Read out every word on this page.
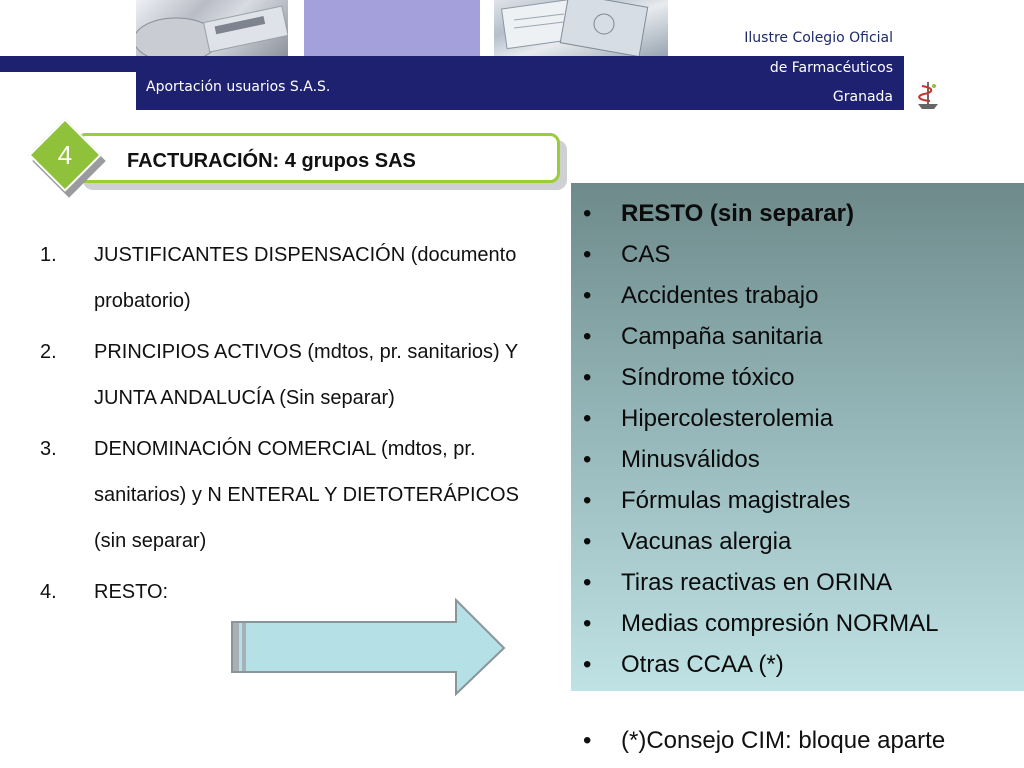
Ilustre Colegio Oficial
Aportación usuarios S.A.S.
de Farmacéuticos
Granada
FACTURACIÓN: 4 grupos SAS
4
1.	JUSTIFICANTES DISPENSACIÓN (documento probatorio)
2.	PRINCIPIOS ACTIVOS (mdtos, pr. sanitarios) Y JUNTA ANDALUCÍA (Sin separar)
3.	DENOMINACIÓN COMERCIAL (mdtos, pr. sanitarios) y N ENTERAL Y DIETOTERÁPICOS (sin separar)
4.	RESTO:
• RESTO (sin separar)
• CAS
• Accidentes trabajo
• Campaña sanitaria
• Síndrome tóxico
• Hipercolesterolemia
• Minusválidos
• Fórmulas magistrales
• Vacunas alergia
• Tiras reactivas en ORINA
• Medias compresión NORMAL
• Otras CCAA (*)
• (*)Consejo CIM: bloque aparte
